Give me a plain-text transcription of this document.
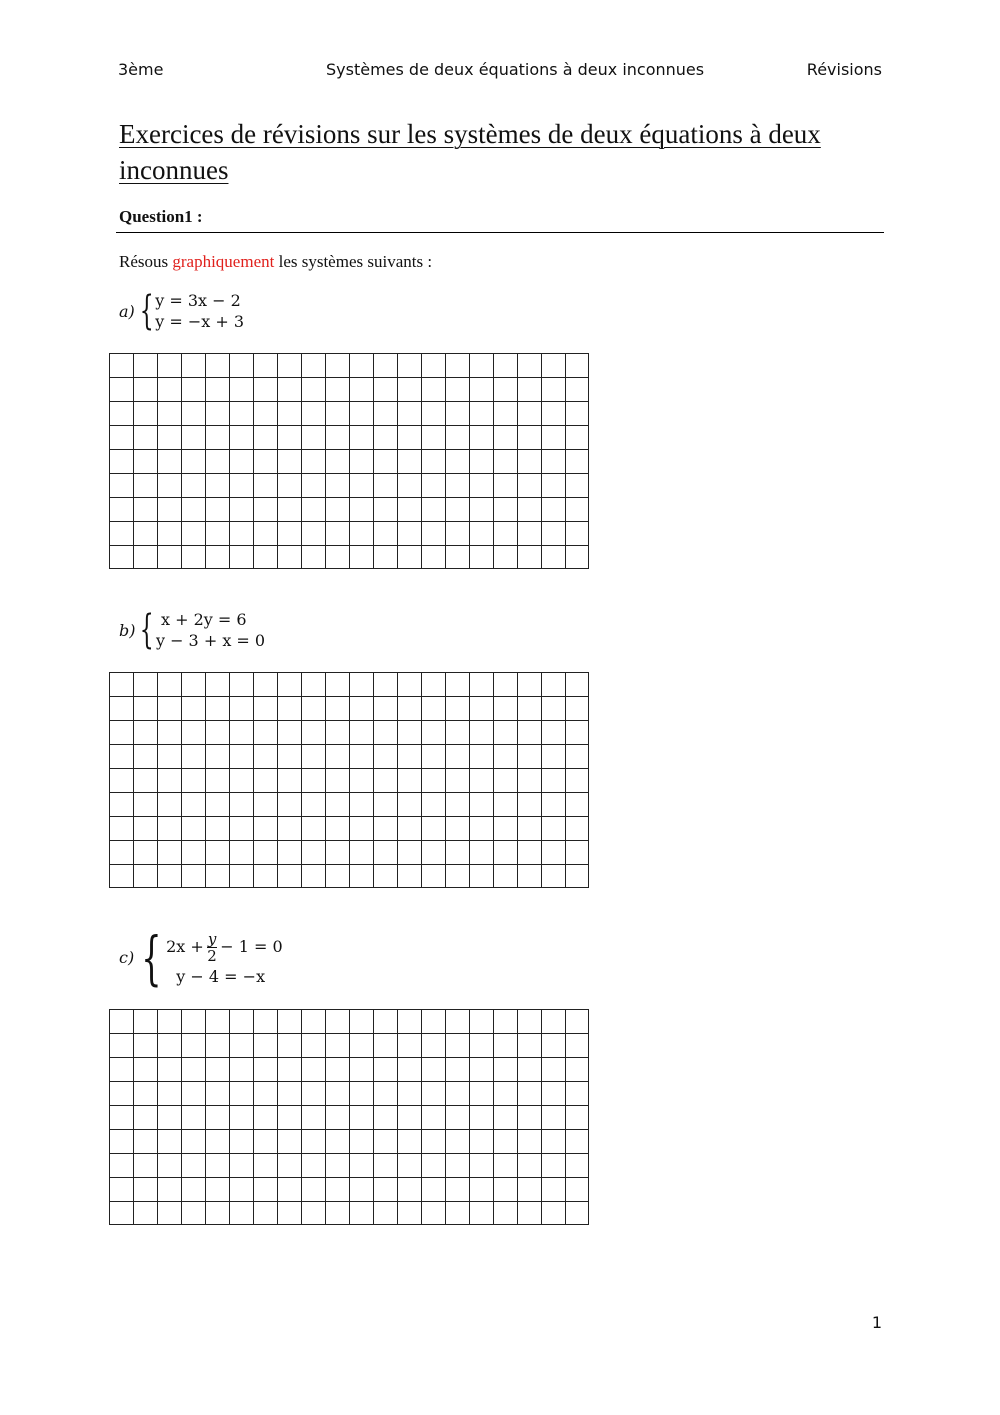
3ème	Systèmes de deux équations à deux inconnues	Révisions
Exercices de révisions sur les systèmes de deux équations à deux inconnues
Question1 :
Résous graphiquement les systèmes suivants :
a) { y = 3x − 2
y = −x + 3
b) { x + 2y = 6
y − 3 + x = 0
c) { $2x + \frac{y}{2} - 1 = 0$
y − 4 = −x
1
